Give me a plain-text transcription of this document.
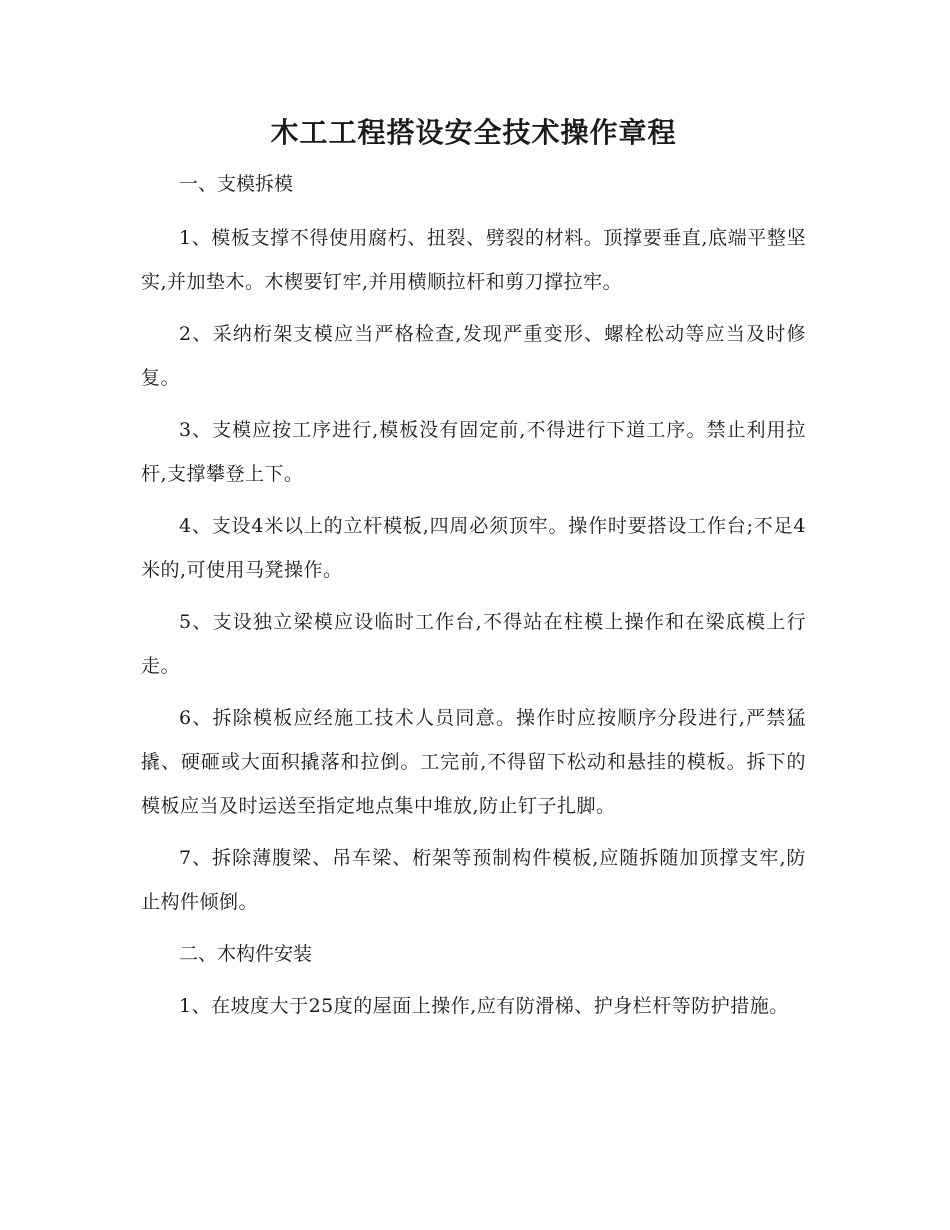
木工工程搭设安全技术操作章程
一、支模拆模

1、模板支撑不得使用腐朽、扭裂、劈裂的材料。顶撑要垂直,底端平整坚实,并加垫木。木楔要钉牢,并用横顺拉杆和剪刀撑拉牢。

2、采纳桁架支模应当严格检查,发现严重变形、螺栓松动等应当及时修复。

3、支模应按工序进行,模板没有固定前,不得进行下道工序。禁止利用拉杆,支撑攀登上下。

4、支设4米以上的立杆模板,四周必须顶牢。操作时要搭设工作台;不足4米的,可使用马凳操作。

5、支设独立梁模应设临时工作台,不得站在柱模上操作和在梁底模上行走。

6、拆除模板应经施工技术人员同意。操作时应按顺序分段进行,严禁猛撬、硬砸或大面积撬落和拉倒。工完前,不得留下松动和悬挂的模板。拆下的模板应当及时运送至指定地点集中堆放,防止钉子扎脚。

7、拆除薄腹梁、吊车梁、桁架等预制构件模板,应随拆随加顶撑支牢,防止构件倾倒。

二、木构件安装

1、在坡度大于25度的屋面上操作,应有防滑梯、护身栏杆等防护措施。
